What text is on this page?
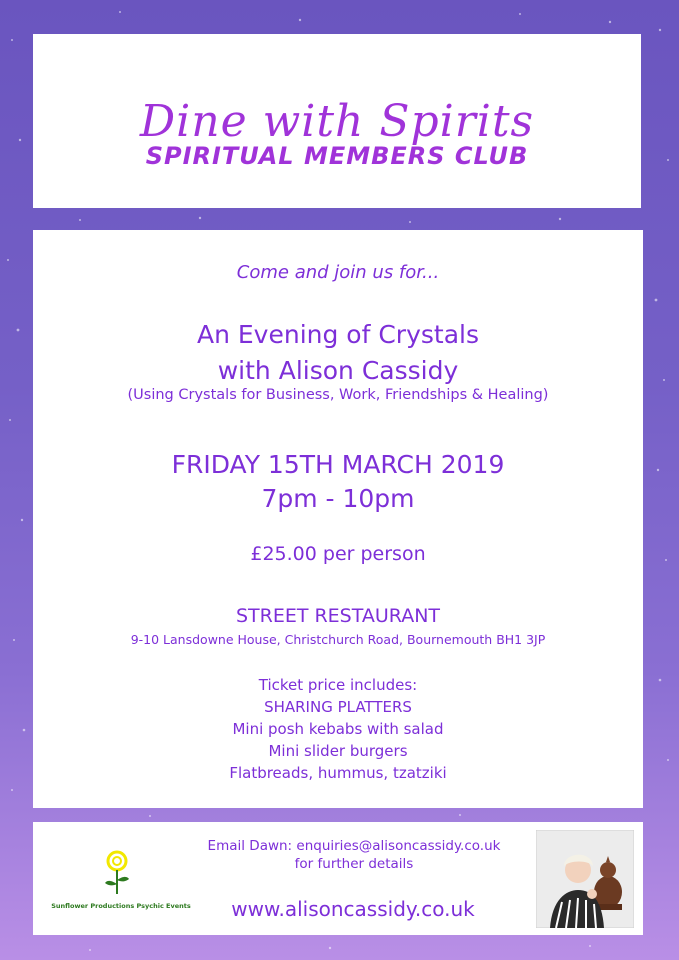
Dine with Spirits
SPIRITUAL MEMBERS CLUB
Come and join us for...
An Evening of Crystals
with Alison Cassidy
(Using Crystals for Business, Work, Friendships & Healing)
FRIDAY 15TH MARCH 2019
7pm - 10pm
£25.00 per person
STREET RESTAURANT
9-10 Lansdowne House, Christchurch Road, Bournemouth BH1 3JP
Ticket price includes:
SHARING PLATTERS
Mini posh kebabs with salad
Mini slider burgers
Flatbreads, hummus, tzatziki
Sunflower Productions Psychic Events
Email Dawn: enquiries@alisoncassidy.co.uk
for further details
www.alisoncassidy.co.uk
